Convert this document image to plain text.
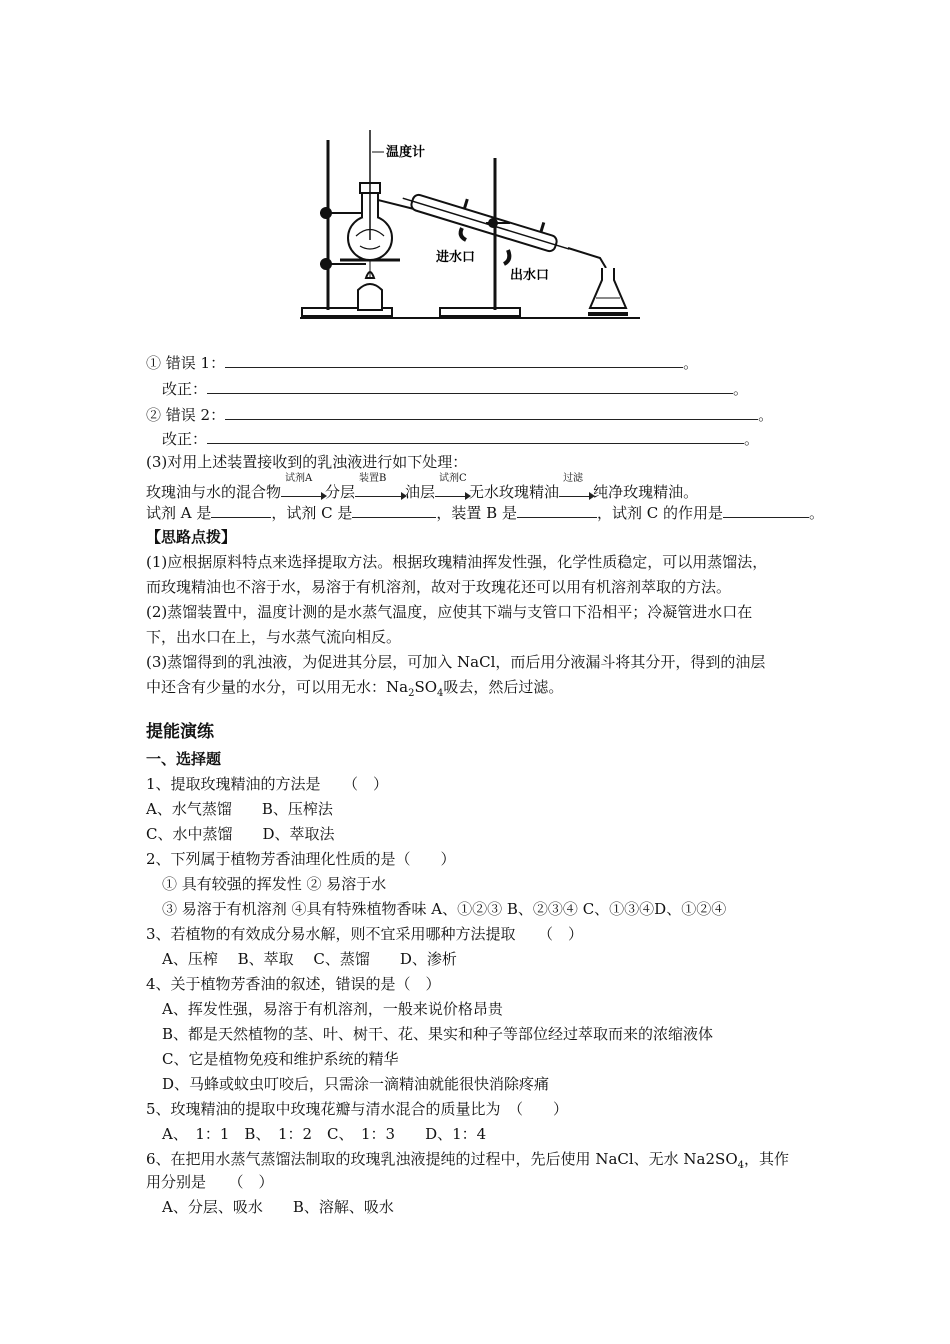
温度计
进水口
出水口
① 错误 1：	。
改正：	。
② 错误 2：	。
改正：	。
(3)对用上述装置接收到的乳浊液进行如下处理：
玫瑰油与水的混合物
试剂A
分层
装置B
油层
试剂C
无水玫瑰精油
过滤
纯净玫瑰精油。
试剂 A 是	，试剂 C 是	，装置 B 是	，试剂 C 的作用是	。
【思路点拨】
(1)应根据原料特点来选择提取方法。根据玫瑰精油挥发性强，化学性质稳定，可以用蒸馏法，
而玫瑰精油也不溶于水，易溶于有机溶剂，故对于玫瑰花还可以用有机溶剂萃取的方法。
(2)蒸馏装置中，温度计测的是水蒸气温度，应使其下端与支管口下沿相平；冷凝管进水口在
下，出水口在上，与水蒸气流向相反。
(3)蒸馏得到的乳浊液，为促进其分层，可加入 NaCl，而后用分液漏斗将其分开，得到的油层
中还含有少量的水分，可以用无水：$Na_2SO_4$吸去，然后过滤。
提能演练
一、选择题
1、提取玫瑰精油的方法是　　（　）
A、水气蒸馏　　B、压榨法
C、水中蒸馏　　D、萃取法
2、下列属于植物芳香油理化性质的是（　　）
① 具有较强的挥发性 ② 易溶于水
③ 易溶于有机溶剂 ④具有特殊植物香味 A、①②③ B、②③④ C、①③④D、①②④
3、若植物的有效成分易水解，则不宜采用哪种方法提取　　（　）
A、压榨　 B、萃取　 C、蒸馏　　D、渗析
4、关于植物芳香油的叙述，错误的是（　）
A、挥发性强，易溶于有机溶剂，一般来说价格昂贵
B、都是天然植物的茎、叶、树干、花、果实和种子等部位经过萃取而来的浓缩液体
C、它是植物免疫和维护系统的精华
D、马蜂或蚊虫叮咬后，只需涂一滴精油就能很快消除疼痛
5、玫瑰精油的提取中玫瑰花瓣与清水混合的质量比为　（　　）
A、　1：1　B、　1：2　C、　1：3　　D、1：4
6、在把用水蒸气蒸馏法制取的玫瑰乳浊液提纯的过程中，先后使用 NaCl、无水 $Na2SO_4$，其作
用分别是　　（　）
A、分层、吸水　　B、溶解、吸水
